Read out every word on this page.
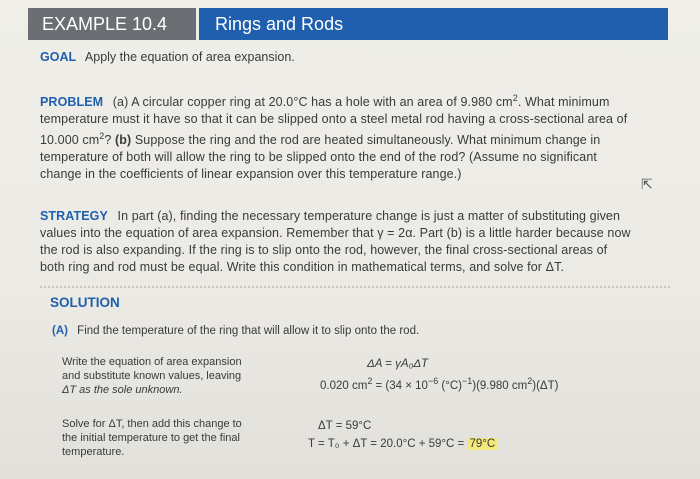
EXAMPLE 10.4	Rings and Rods
GOAL Apply the equation of area expansion.

PROBLEM (a) A circular copper ring at 20.0°C has a hole with an area of 9.980 $cm^2$. What minimum

temperature must it have so that it can be slipped onto a steel metal rod having a cross-sectional area of

10.000 $cm^2$? (b) Suppose the ring and the rod are heated simultaneously. What minimum change in

temperature of both will allow the ring to be slipped onto the end of the rod? (Assume no significant

change in the coefficients of linear expansion over this temperature range.)

⇱

STRATEGY In part (a), finding the necessary temperature change is just a matter of substituting given

values into the equation of area expansion. Remember that γ = 2α. Part (b) is a little harder because now

the rod is also expanding. If the ring is to slip onto the rod, however, the final cross-sectional areas of

both ring and rod must be equal. Write this condition in mathematical terms, and solve for ΔT.

SOLUTION
(A) Find the temperature of the ring that will allow it to slip onto the rod.
Write the equation of area expansion
and substitute known values, leaving
ΔT as the sole unknown.
ΔA = γA₀ΔT
0.020 $cm^2 = (34 \times 10^{-6}$ $(^\circ C)^{-1})(9.980$ $cm^2)(\Delta T)$
Solve for ΔT, then add this change to
the initial temperature to get the final
temperature.
ΔT = 59°C
T = T₀ + ΔT = 20.0°C + 59°C = 79°C
